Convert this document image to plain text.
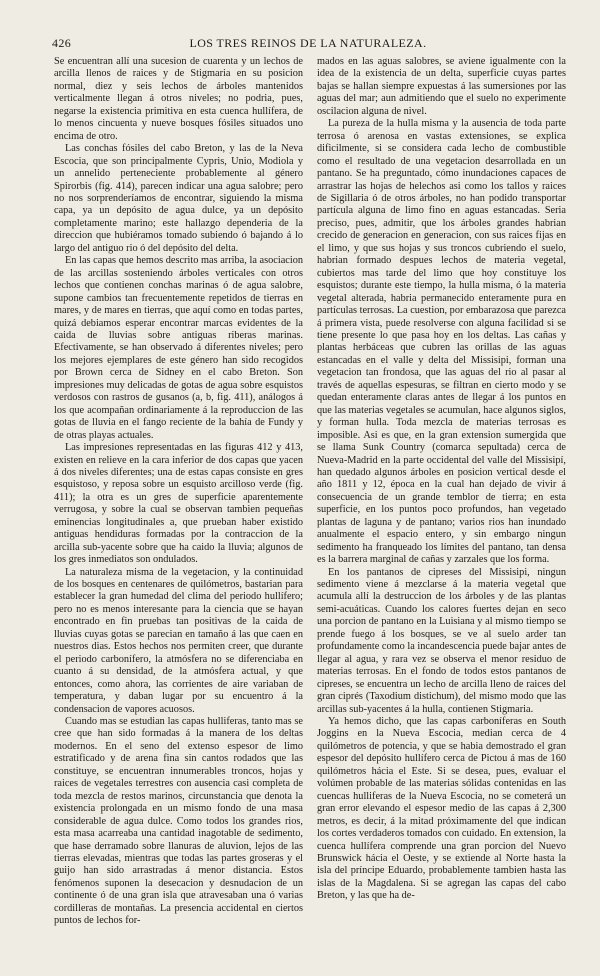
426	LOS TRES REINOS DE LA NATURALEZA.

Se encuentran allí una sucesion de cuarenta y un lechos de arcilla llenos de raices y de Stigmaria en su posicion normal, diez y seis lechos de árboles mantenidos verticalmente llegan á otros niveles; no podria, pues, negarse la existencia primitiva en esta cuenca hullífera, de lo menos cincuenta y nueve bosques fósiles situados uno encima de otro.

Las conchas fósiles del cabo Breton, y las de la Neva Escocia, que son principalmente Cypris, Unio, Modiola y un annelido perteneciente probablemente al género Spirorbis (fig. 414), parecen indicar una agua salobre; pero no nos sorprenderíamos de encontrar, siguiendo la misma capa, ya un depósito de agua dulce, ya un depósito completamente marino; este hallazgo dependeria de la direccion que hubiéramos tomado subiendo ó bajando á lo largo del antiguo rio ó del depósito del delta.

En las capas que hemos descrito mas arriba, la asociacion de las arcillas sosteniendo árboles verticales con otros lechos que contienen conchas marinas ó de agua salobre, supone cambios tan frecuentemente repetidos de tierras en mares, y de mares en tierras, que aquí como en todas partes, quizá debiamos esperar encontrar marcas evidentes de la caida de lluvias sobre antiguas riberas marinas. Efectivamente, se han observado á diferentes niveles; pero los mejores ejemplares de este género han sido recogidos por Brown cerca de Sidney en el cabo Breton. Son impresiones muy delicadas de gotas de agua sobre esquistos verdosos con rastros de gusanos (a, b, fig. 411), análogos á los que acompañan ordinariamente á la reproduccion de las gotas de lluvia en el fango reciente de la bahía de Fundy y de otras playas actuales.

Las impresiones representadas en las figuras 412 y 413, existen en relieve en la cara inferior de dos capas que yacen á dos niveles diferentes; una de estas capas consiste en gres esquistoso, y reposa sobre un esquisto arcilloso verde (fig. 411); la otra es un gres de superficie aparentemente verrugosa, y sobre la cual se observan tambien pequeñas eminencias longitudinales a, que prueban haber existido antiguas hendiduras formadas por la contraccion de la arcilla sub-yacente sobre que ha caido la lluvia; algunos de los gres inmediatos son ondulados.

La naturaleza misma de la vegetacion, y la continuidad de los bosques en centenares de quilómetros, bastarian para establecer la gran humedad del clima del periodo hullífero; pero no es menos interesante para la ciencia que se hayan encontrado en fin pruebas tan positivas de la caida de lluvias cuyas gotas se parecian en tamaño á las que caen en nuestros dias. Estos hechos nos permiten creer, que durante el periodo carbonífero, la atmósfera no se diferenciaba en cuanto á su densidad, de la atmósfera actual, y que entonces, como ahora, las corrientes de aire variaban de temperatura, y daban lugar por su encuentro á la condensacion de vapores acuosos.

Cuando mas se estudian las capas hulliferas, tanto mas se cree que han sido formadas á la manera de los deltas modernos. En el seno del extenso espesor de limo estratificado y de arena fina sin cantos rodados que las constituye, se encuentran innumerables troncos, hojas y raices de vegetales terrestres con ausencia casi completa de toda mezcla de restos marinos, circunstancia que denota la existencia prolongada en un mismo fondo de una masa considerable de agua dulce. Como todos los grandes rios, esta masa acarreaba una cantidad inagotable de sedimento, que hase derramado sobre llanuras de aluvion, lejos de las tierras elevadas, mientras que todas las partes groseras y el guijo han sido arrastradas á menor distancia. Estos fenómenos suponen la desecacion y desnudacion de un continente ó de una gran isla que atravesaban una ó varias cordilleras de montañas. La presencia accidental en ciertos puntos de lechos for-

mados en las aguas salobres, se aviene igualmente con la idea de la existencia de un delta, superficie cuyas partes bajas se hallan siempre expuestas á las sumersiones por las aguas del mar; aun admitiendo que el suelo no experimente oscilacion alguna de nivel.

La pureza de la hulla misma y la ausencia de toda parte terrosa ó arenosa en vastas extensiones, se explica dificilmente, si se considera cada lecho de combustible como el resultado de una vegetacion desarrollada en un pantano. Se ha preguntado, cómo inundaciones capaces de arrastrar las hojas de helechos asi como los tallos y raices de Sigillaria ó de otros árboles, no han podido transportar partícula alguna de limo fino en aguas estancadas. Seria preciso, pues, admitir, que los árboles grandes habrian crecido de generacion en generacion, con sus raices fijas en el limo, y que sus hojas y sus troncos cubriendo el suelo, habrian formado despues lechos de materia vegetal, cubiertos mas tarde del limo que hoy constituye los esquistos; durante este tiempo, la hulla misma, ó la materia vegetal alterada, habria permanecido enteramente pura en partículas terrosas. La cuestion, por embarazosa que parezca á primera vista, puede resolverse con alguna facilidad si se tiene presente lo que pasa hoy en los deltas. Las cañas y plantas herbáceas que cubren las orillas de las aguas estancadas en el valle y delta del Missisipi, forman una vegetacion tan frondosa, que las aguas del rio al pasar al través de aquellas espesuras, se filtran en cierto modo y se quedan enteramente claras antes de llegar á los puntos en que las materias vegetales se acumulan, hace algunos siglos, y forman hulla. Toda mezcla de materias terrosas es imposible. Asi es que, en la gran extension sumergida que se llama Sunk Country (comarca sepultada) cerca de Nueva-Madrid en la parte occidental del valle del Missisipí, han quedado algunos árboles en posicion vertical desde el año 1811 y 12, época en la cual han dejado de vivir á consecuencia de un grande temblor de tierra; en esta superficie, en los puntos poco profundos, han vegetado plantas de laguna y de pantano; varios rios han inundado anualmente el espacio entero, y sin embargo ningun sedimento ha franqueado los límites del pantano, tan densa es la barrera marginal de cañas y zarzales que los forma.

En los pantanos de cipreses del Missisipi, ningun sedimento viene á mezclarse á la materia vegetal que acumula allí la destruccion de los árboles y de las plantas semi-acuáticas. Cuando los calores fuertes dejan en seco una porcion de pantano en la Luisiana y al mismo tiempo se prende fuego á los bosques, se ve al suelo arder tan profundamente como la incandescencia puede bajar antes de llegar al agua, y rara vez se observa el menor residuo de materias terrosas. En el fondo de todos estos pantanos de cipreses, se encuentra un lecho de arcilla lleno de raices del gran ciprés (Taxodium distichum), del mismo modo que las arcillas sub-yacentes á la hulla, contienen Stigmaria.

Ya hemos dicho, que las capas carboníferas en South Joggins en la Nueva Escocia, median cerca de 4 quilómetros de potencia, y que se habia demostrado el gran espesor del depósito hullífero cerca de Pictou á mas de 160 quilómetros hácia el Este. Si se desea, pues, evaluar el volúmen probable de las materias sólidas contenidas en las cuencas hulliferas de la Nueva Escocia, no se cometerá un gran error elevando el espesor medio de las capas á 2,300 metros, es decir, á la mitad próximamente del que indican los cortes verdaderos tomados con cuidado. En extension, la cuenca hullífera comprende una gran porcion del Nuevo Brunswick hácia el Oeste, y se extiende al Norte hasta la isla del príncipe Eduardo, probablemente tambien hasta las islas de la Magdalena. Si se agregan las capas del cabo Breton, y las que ha de-
